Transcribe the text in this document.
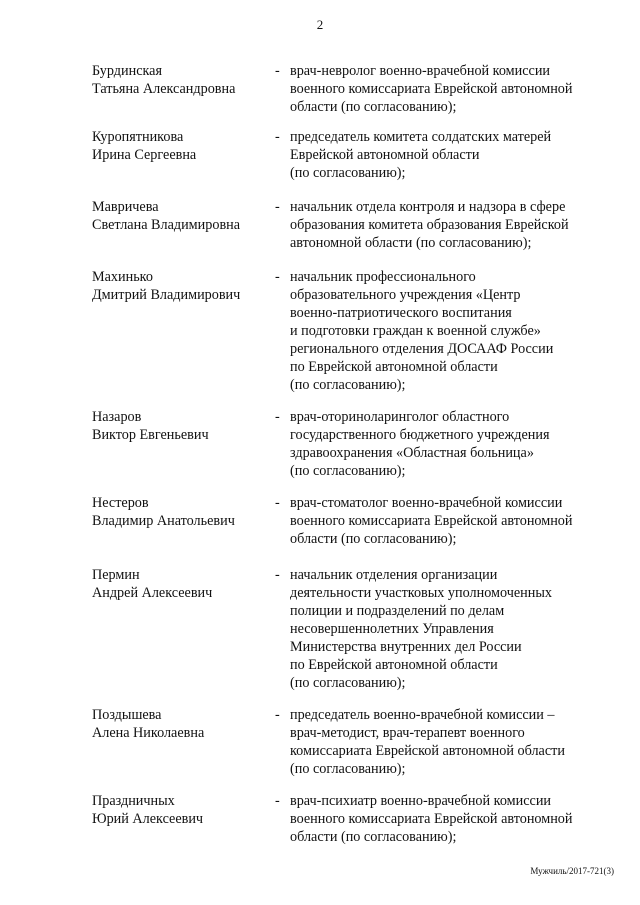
2
Бурдинская
Татьяна Александровна
- врач-невролог военно-врачебной комиссии
военного комиссариата Еврейской автономной
области (по согласованию);
Куропятникова
Ирина Сергеевна
- председатель комитета солдатских матерей
Еврейской автономной области
(по согласованию);
Мавричева
Светлана Владимировна
- начальник отдела контроля и надзора в сфере
образования комитета образования Еврейской
автономной области (по согласованию);
Махинько
Дмитрий Владимирович
- начальник профессионального
образовательного учреждения «Центр
военно-патриотического воспитания
и подготовки граждан к военной службе»
регионального отделения ДОСААФ России
по Еврейской автономной области
(по согласованию);
Назаров
Виктор Евгеньевич
- врач-оториноларинголог областного
государственного бюджетного учреждения
здравоохранения «Областная больница»
(по согласованию);
Нестеров
Владимир Анатольевич
- врач-стоматолог военно-врачебной комиссии
военного комиссариата Еврейской автономной
области (по согласованию);
Пермин
Андрей Алексеевич
- начальник отделения организации
деятельности участковых уполномоченных
полиции и подразделений по делам
несовершеннолетних Управления
Министерства внутренних дел России
по Еврейской автономной области
(по согласованию);
Поздышева
Алена Николаевна
- председатель военно-врачебной комиссии –
врач-методист, врач-терапевт военного
комиссариата Еврейской автономной области
(по согласованию);
Праздничных
Юрий Алексеевич
- врач-психиатр военно-врачебной комиссии
военного комиссариата Еврейской автономной
области (по согласованию);
Мужчиль/2017-721(3)
